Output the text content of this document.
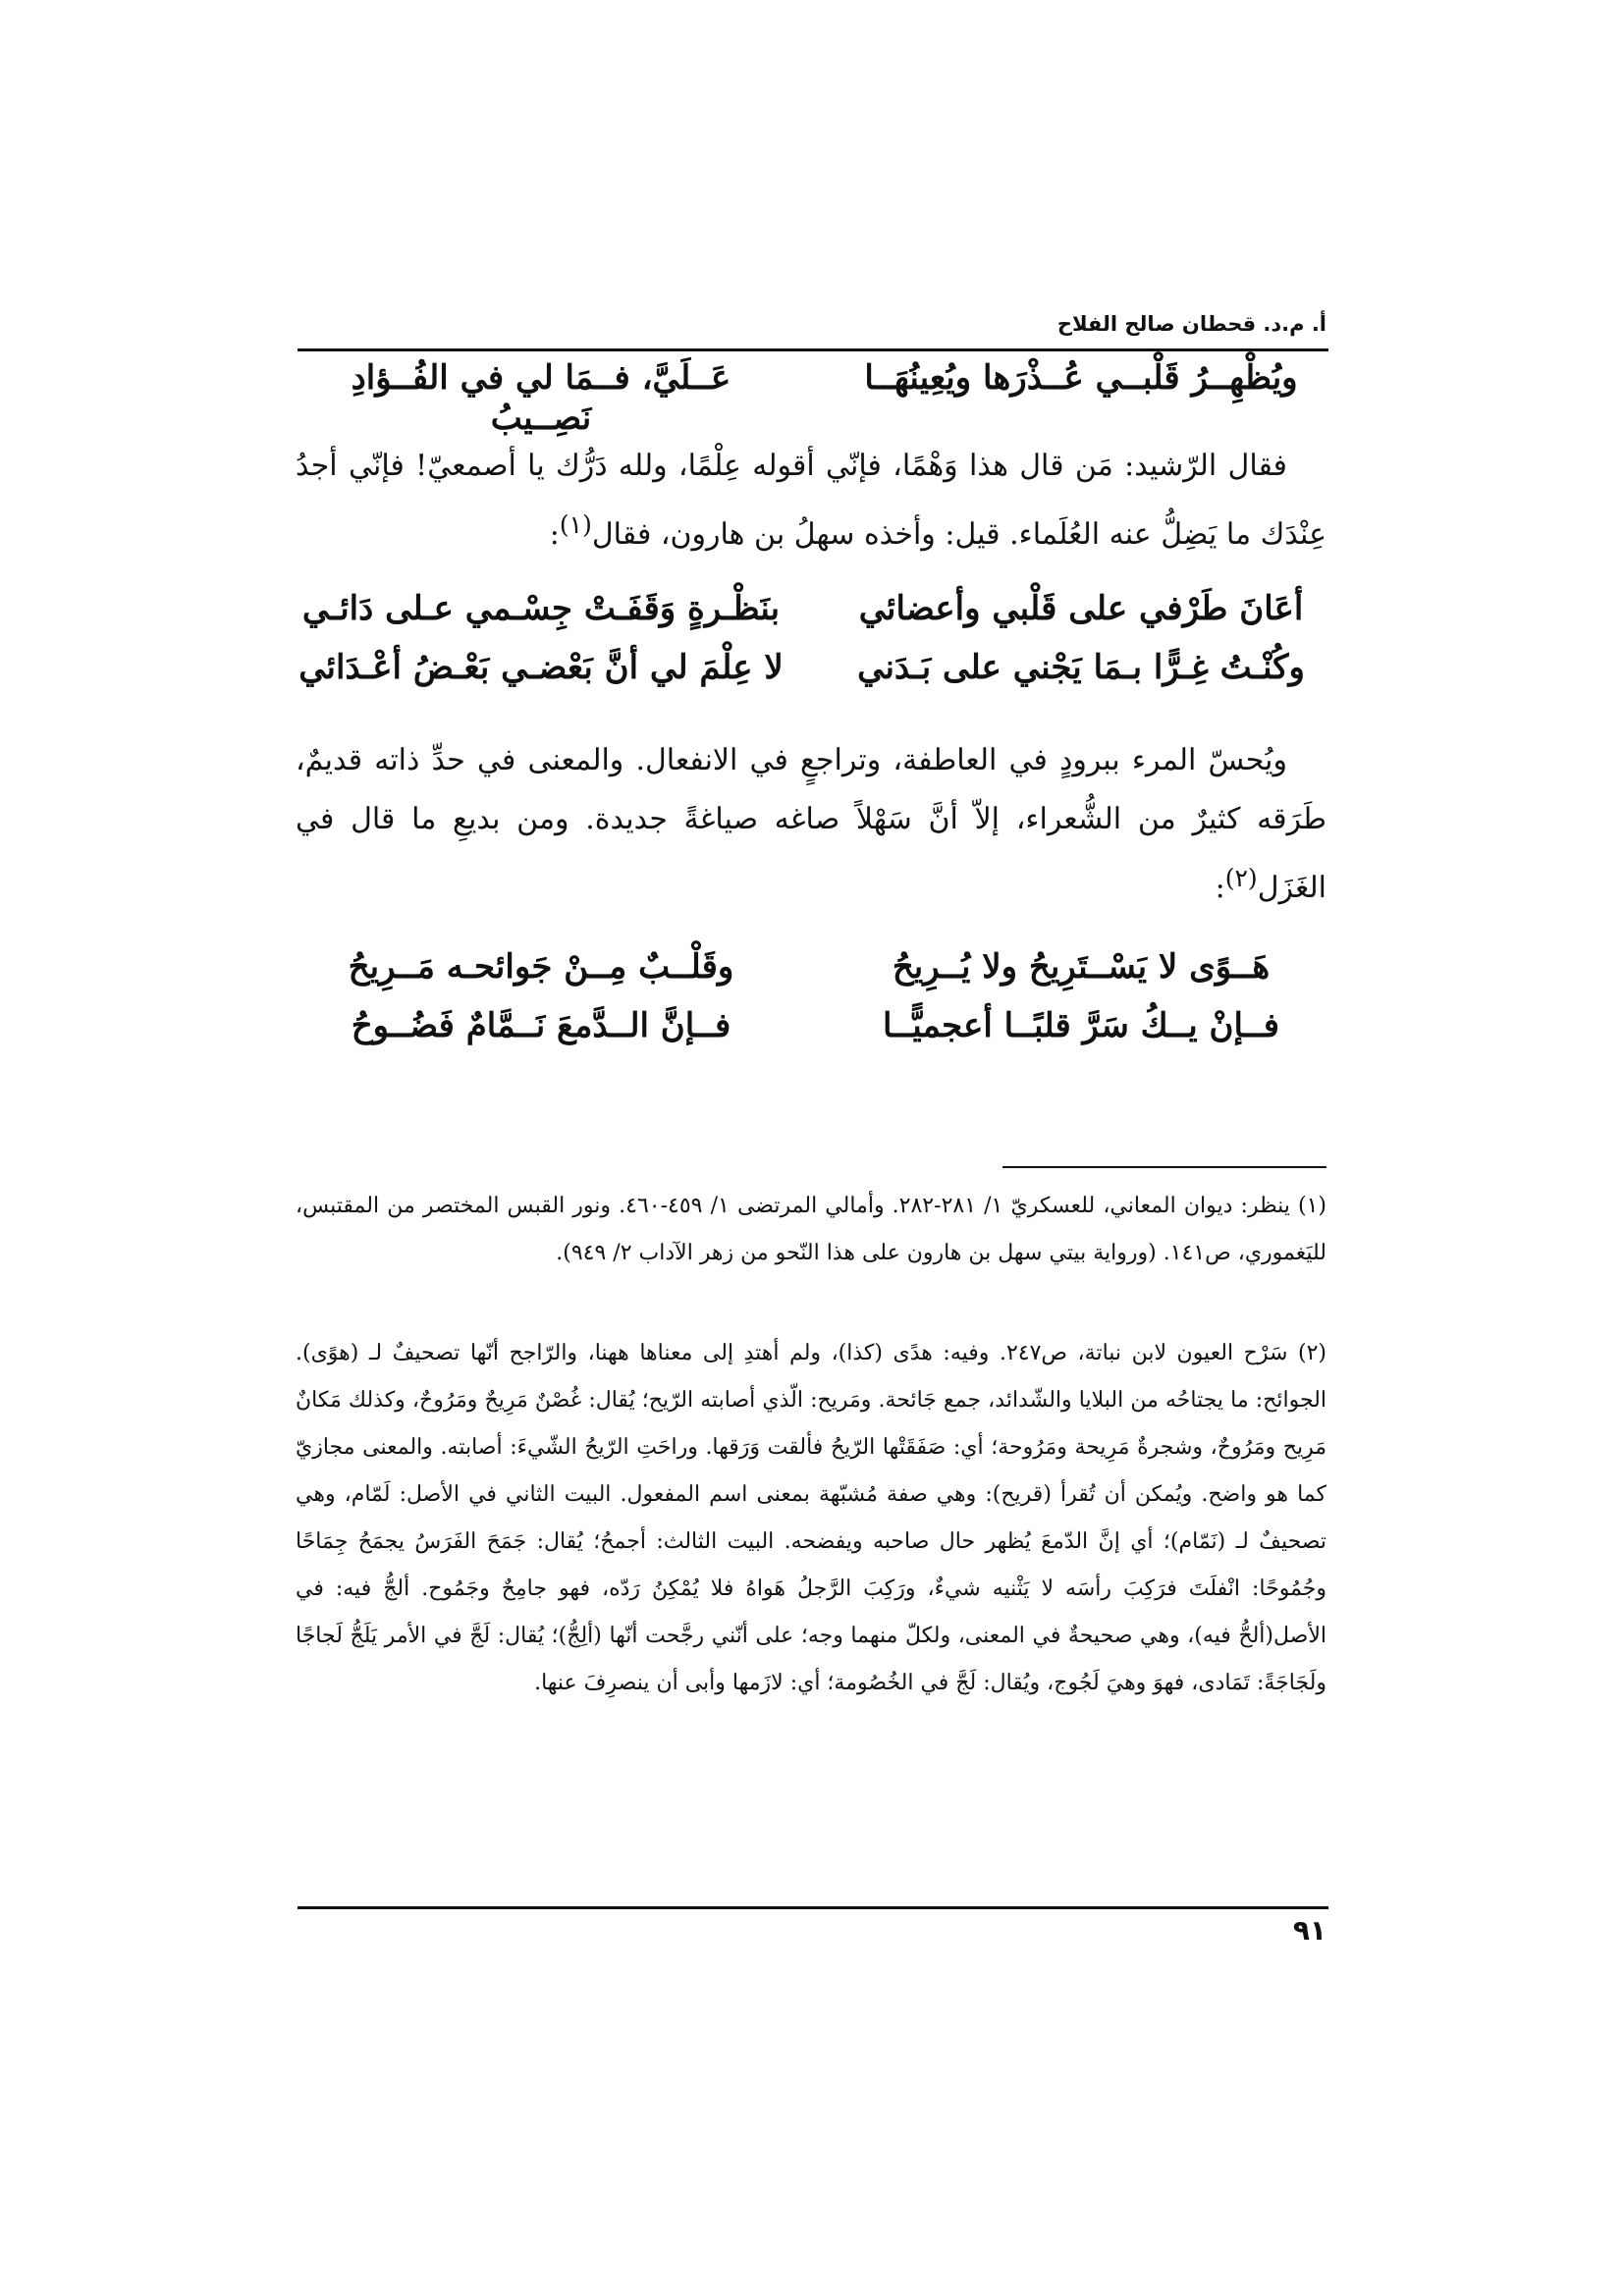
أ. م.د. قحطان صالح الفلاح
ويُظْهِــرُ قَلْبــي عُــذْرَها ويُعِينُهَــا
عَــلَيَّ، فــمَا لي في الفُــؤادِ نَصِــيبُ
فقال الرّشيد: مَن قال هذا وَهْمًا، فإنّي أقوله عِلْمًا، ولله دَرُّك يا أصمعيّ! فإنّي أجدُ عِنْدَك ما يَضِلُّ عنه العُلَماء. قيل: وأخذه سهلُ بن هارون، فقال$^{(١)}$:
أعَانَ طَرْفي على قَلْبي وأعضائي
بنَظْـرةٍ وَقَفَـتْ جِسْـمي عـلى دَائـي
وكُنْـتُ غِـرًّا بـمَا يَجْني على بَـدَني
لا عِلْمَ لي أنَّ بَعْضـي بَعْـضُ أعْـدَائي
ويُحسّ المرء ببرودٍ في العاطفة، وتراجعٍ في الانفعال. والمعنى في حدِّ ذاته قديمٌ، طَرَقه كثيرٌ من الشُّعراء، إلاّ أنَّ سَهْلاً صاغه صياغةً جديدة. ومن بديعِ ما قال في الغَزَل$^{(٢)}$:
هَــوًى لا يَسْــتَرِيحُ ولا يُــرِيحُ
وقَلْــبٌ مِــنْ جَوائحـه مَــرِيحُ
فــإنْ يــكُ سَرَّ قلبًــا أعجميًّــا
فــإنَّ الــدَّمعَ نَــمَّامٌ فَضُــوحُ
(١) ينظر: ديوان المعاني، للعسكريّ ١/ ٢٨١-٢٨٢. وأمالي المرتضى ١/ ٤٥٩-٤٦٠. ونور القبس المختصر من المقتبس، لليَغموري، ص١٤١. (ورواية بيتي سهل بن هارون على هذا النّحو من زهر الآداب ٢/ ٩٤٩).
(٢) سَرْح العيون لابن نباتة، ص٢٤٧. وفيه: هدًى (كذا)، ولم أهتدِ إلى معناها ههنا، والرّاجح أنّها تصحيفٌ لـ (هوًى). الجوائح: ما يجتاحُه من البلايا والشّدائد، جمع جَائحة. ومَريح: الّذي أصابته الرّيح؛ يُقال: غُصْنٌ مَرِيحٌ ومَرُوحٌ، وكذلك مَكانٌ مَرِيح ومَرُوحٌ، وشجرةٌ مَرِيحة ومَرُوحة؛ أي: صَفَقَتْها الرّيحُ فألقت وَرَقها. وراحَتِ الرّيحُ الشّيءَ: أصابته. والمعنى مجازيّ كما هو واضح. ويُمكن أن تُقرأ (قريح): وهي صفة مُشبّهة بمعنى اسم المفعول. البيت الثاني في الأصل: لَمّام، وهي تصحيفٌ لـ (نَمّام)؛ أي إنَّ الدّمعَ يُظهر حال صاحبه ويفضحه. البيت الثالث: أجمحُ؛ يُقال: جَمَحَ الفَرَسُ يجمَحُ جِمَاحًا وجُمُوحًا: انْفلَتَ فرَكِبَ رأسَه لا يَثْنيه شيءٌ، ورَكِبَ الرَّجلُ هَواهُ فلا يُمْكِنُ رَدّه، فهو جامِحٌ وجَمُوح. ألجُّ فيه: في الأصل(ألحُّ فيه)، وهي صحيحةٌ في المعنى، ولكلّ منهما وجه؛ على أنّني رجَّحت أنّها (ألِجُّ)؛ يُقال: لَجَّ في الأمر يَلَجُّ لَجاجًا ولَجَاجَةً: تَمَادى، فهوَ وهيَ لَجُوج، ويُقال: لَجَّ في الخُصُومة؛ أي: لازَمها وأبى أن ينصرِفَ عنها.
٩١
